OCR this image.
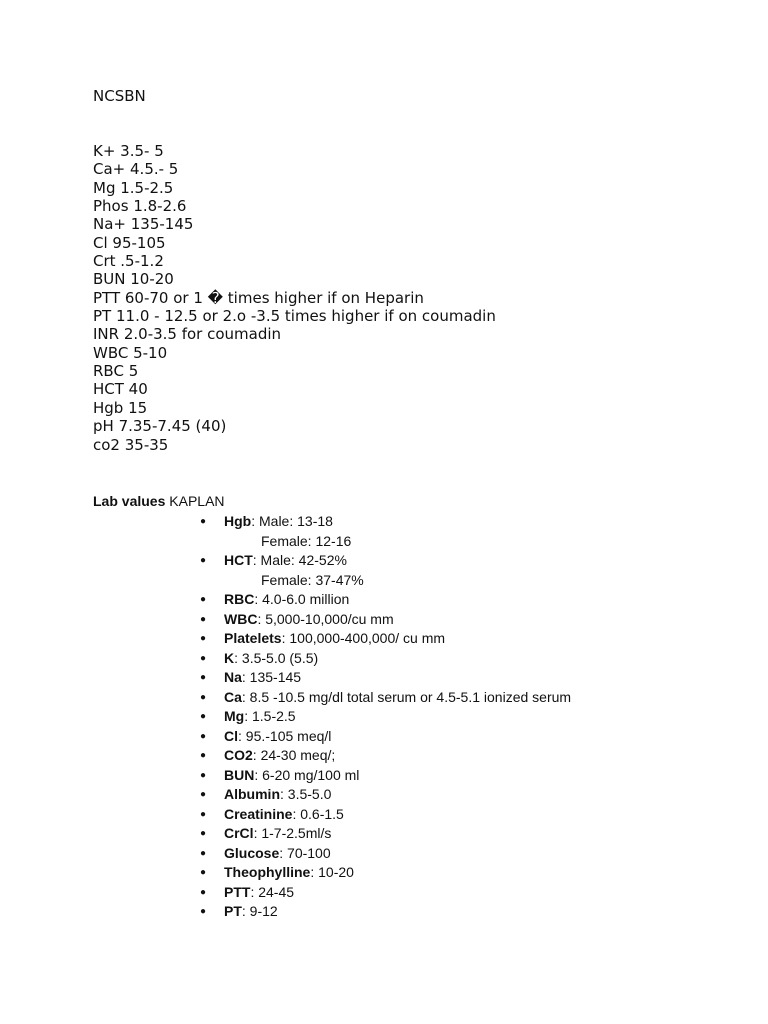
NCSBN
K+ 3.5- 5
Ca+ 4.5.- 5
Mg 1.5-2.5
Phos 1.8-2.6
Na+ 135-145
Cl 95-105
Crt .5-1.2
BUN 10-20
PTT 60-70 or 1 � times higher if on Heparin
PT 11.0 - 12.5 or 2.o -3.5 times higher if on coumadin
INR 2.0-3.5 for coumadin
WBC 5-10
RBC 5
HCT 40
Hgb 15
pH 7.35-7.45 (40)
co2 35-35

Lab values KAPLAN

● Hgb: Male: 13-18
Female: 12-16
● HCT: Male: 42-52%
Female: 37-47%
● RBC: 4.0-6.0 million
● WBC: 5,000-10,000/cu mm
● Platelets: 100,000-400,000/ cu mm
● K: 3.5-5.0 (5.5)
● Na: 135-145
● Ca: 8.5 -10.5 mg/dl total serum or 4.5-5.1 ionized serum
● Mg: 1.5-2.5
● Cl: 95.-105 meq/l
● CO2: 24-30 meq/;
● BUN: 6-20 mg/100 ml
● Albumin: 3.5-5.0
● Creatinine: 0.6-1.5
● CrCl: 1-7-2.5ml/s
● Glucose: 70-100
● Theophylline: 10-20
● PTT: 24-45
● PT: 9-12
